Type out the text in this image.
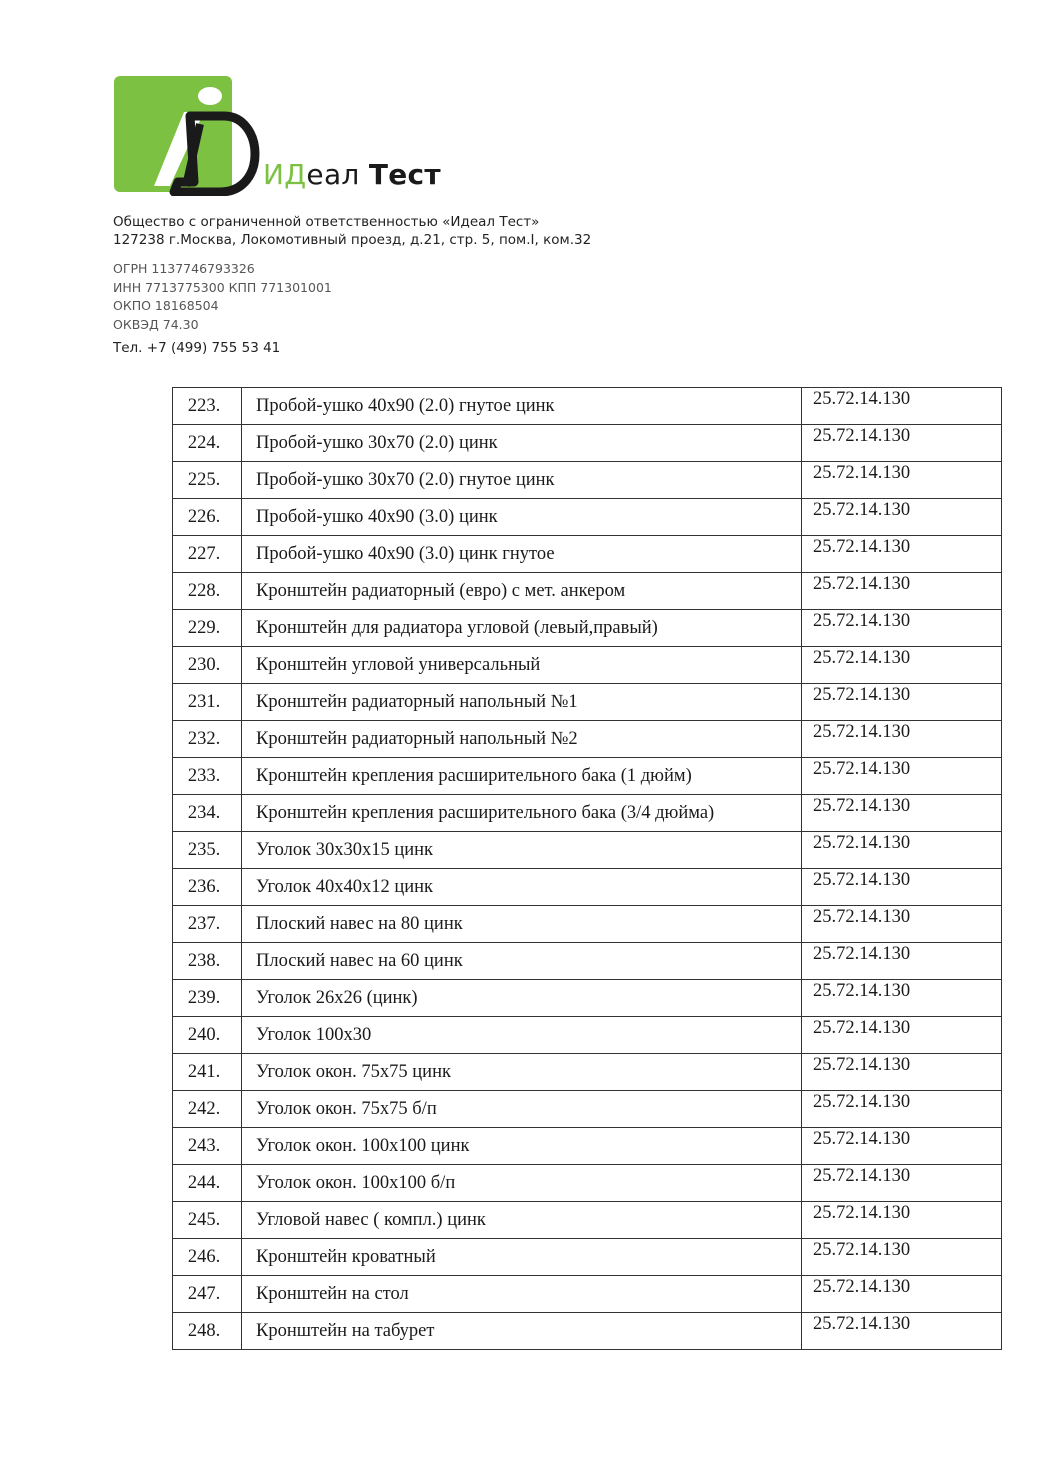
ИДеал Тест
Общество с ограниченной ответственностью «Идеал Тест»
127238 г.Москва, Локомотивный проезд, д.21, стр. 5, пом.I, ком.32
ОГРН 1137746793326
ИНН 7713775300 КПП 771301001
ОКПО 18168504
ОКВЭД 74.30
Тел. +7 (499) 755 53 41
223.	Пробой-ушко 40х90 (2.0) гнутое цинк	25.72.14.130
224.	Пробой-ушко 30х70 (2.0) цинк	25.72.14.130
225.	Пробой-ушко 30х70 (2.0) гнутое цинк	25.72.14.130
226.	Пробой-ушко 40х90 (3.0) цинк	25.72.14.130
227.	Пробой-ушко 40х90 (3.0) цинк гнутое	25.72.14.130
228.	Кронштейн радиаторный (евро) с мет. анкером	25.72.14.130
229.	Кронштейн для радиатора угловой (левый,правый)	25.72.14.130
230.	Кронштейн угловой универсальный	25.72.14.130
231.	Кронштейн радиаторный напольный №1	25.72.14.130
232.	Кронштейн радиаторный напольный №2	25.72.14.130
233.	Кронштейн крепления расширительного бака (1 дюйм)	25.72.14.130
234.	Кронштейн крепления расширительного бака (3/4 дюйма)	25.72.14.130
235.	Уголок 30х30х15 цинк	25.72.14.130
236.	Уголок 40х40х12 цинк	25.72.14.130
237.	Плоский навес на 80 цинк	25.72.14.130
238.	Плоский навес на 60 цинк	25.72.14.130
239.	Уголок 26х26 (цинк)	25.72.14.130
240.	Уголок 100х30	25.72.14.130
241.	Уголок окон. 75х75 цинк	25.72.14.130
242.	Уголок окон. 75х75 б/п	25.72.14.130
243.	Уголок окон. 100х100 цинк	25.72.14.130
244.	Уголок окон. 100х100 б/п	25.72.14.130
245.	Угловой навес ( компл.) цинк	25.72.14.130
246.	Кронштейн кроватный	25.72.14.130
247.	Кронштейн на стол	25.72.14.130
248.	Кронштейн на табурет	25.72.14.130
